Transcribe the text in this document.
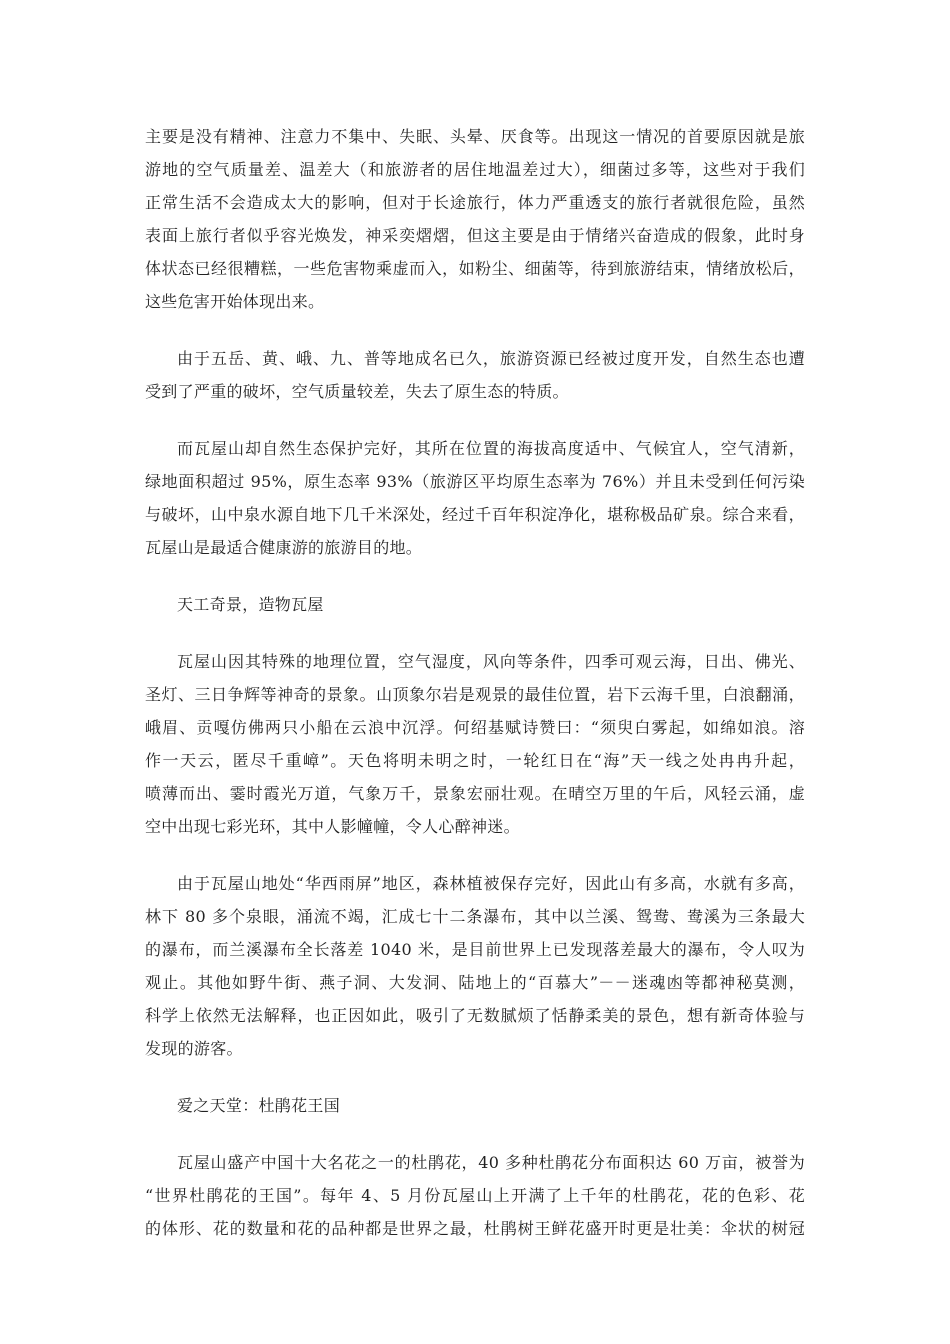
主要是没有精神、注意力不集中、失眠、头晕、厌食等。出现这一情况的首要原因就是旅
游地的空气质量差、温差大（和旅游者的居住地温差过大），细菌过多等，这些对于我们
正常生活不会造成太大的影响，但对于长途旅行，体力严重透支的旅行者就很危险，虽然
表面上旅行者似乎容光焕发，神采奕熠熠，但这主要是由于情绪兴奋造成的假象，此时身
体状态已经很糟糕，一些危害物乘虚而入，如粉尘、细菌等，待到旅游结束，情绪放松后，
这些危害开始体现出来。

由于五岳、黄、峨、九、普等地成名已久，旅游资源已经被过度开发，自然生态也遭
受到了严重的破坏，空气质量较差，失去了原生态的特质。

而瓦屋山却自然生态保护完好，其所在位置的海拔高度适中、气候宜人，空气清新，
绿地面积超过 95%，原生态率 93%（旅游区平均原生态率为 76%）并且未受到任何污染
与破坏，山中泉水源自地下几千米深处，经过千百年积淀净化，堪称极品矿泉。综合来看，
瓦屋山是最适合健康游的旅游目的地。

天工奇景，造物瓦屋

瓦屋山因其特殊的地理位置，空气湿度，风向等条件，四季可观云海，日出、佛光、
圣灯、三日争辉等神奇的景象。山顶象尔岩是观景的最佳位置，岩下云海千里，白浪翻涌，
峨眉、贡嘎仿佛两只小船在云浪中沉浮。何绍基赋诗赞曰：“须臾白雾起，如绵如浪。溶
作一天云，匿尽千重嶂”。天色将明未明之时，一轮红日在“海”天一线之处冉冉升起，
喷薄而出、霎时霞光万道，气象万千，景象宏丽壮观。在晴空万里的午后，风轻云涌，虚
空中出现七彩光环，其中人影幢幢，令人心醉神迷。

由于瓦屋山地处“华西雨屏”地区，森林植被保存完好，因此山有多高，水就有多高，
林下 80 多个泉眼，涌流不竭，汇成七十二条瀑布，其中以兰溪、鸳鸯、鸯溪为三条最大
的瀑布，而兰溪瀑布全长落差 1040 米，是目前世界上已发现落差最大的瀑布，令人叹为
观止。其他如野牛街、燕子洞、大发洞、陆地上的“百慕大”－－迷魂凼等都神秘莫测，
科学上依然无法解释，也正因如此，吸引了无数腻烦了恬静柔美的景色，想有新奇体验与
发现的游客。

爱之天堂：杜鹃花王国

瓦屋山盛产中国十大名花之一的杜鹃花，40 多种杜鹃花分布面积达 60 万亩，被誉为
“世界杜鹃花的王国”。每年 4、5 月份瓦屋山上开满了上千年的杜鹃花，花的色彩、花
的体形、花的数量和花的品种都是世界之最，杜鹃树王鲜花盛开时更是壮美：伞状的树冠
